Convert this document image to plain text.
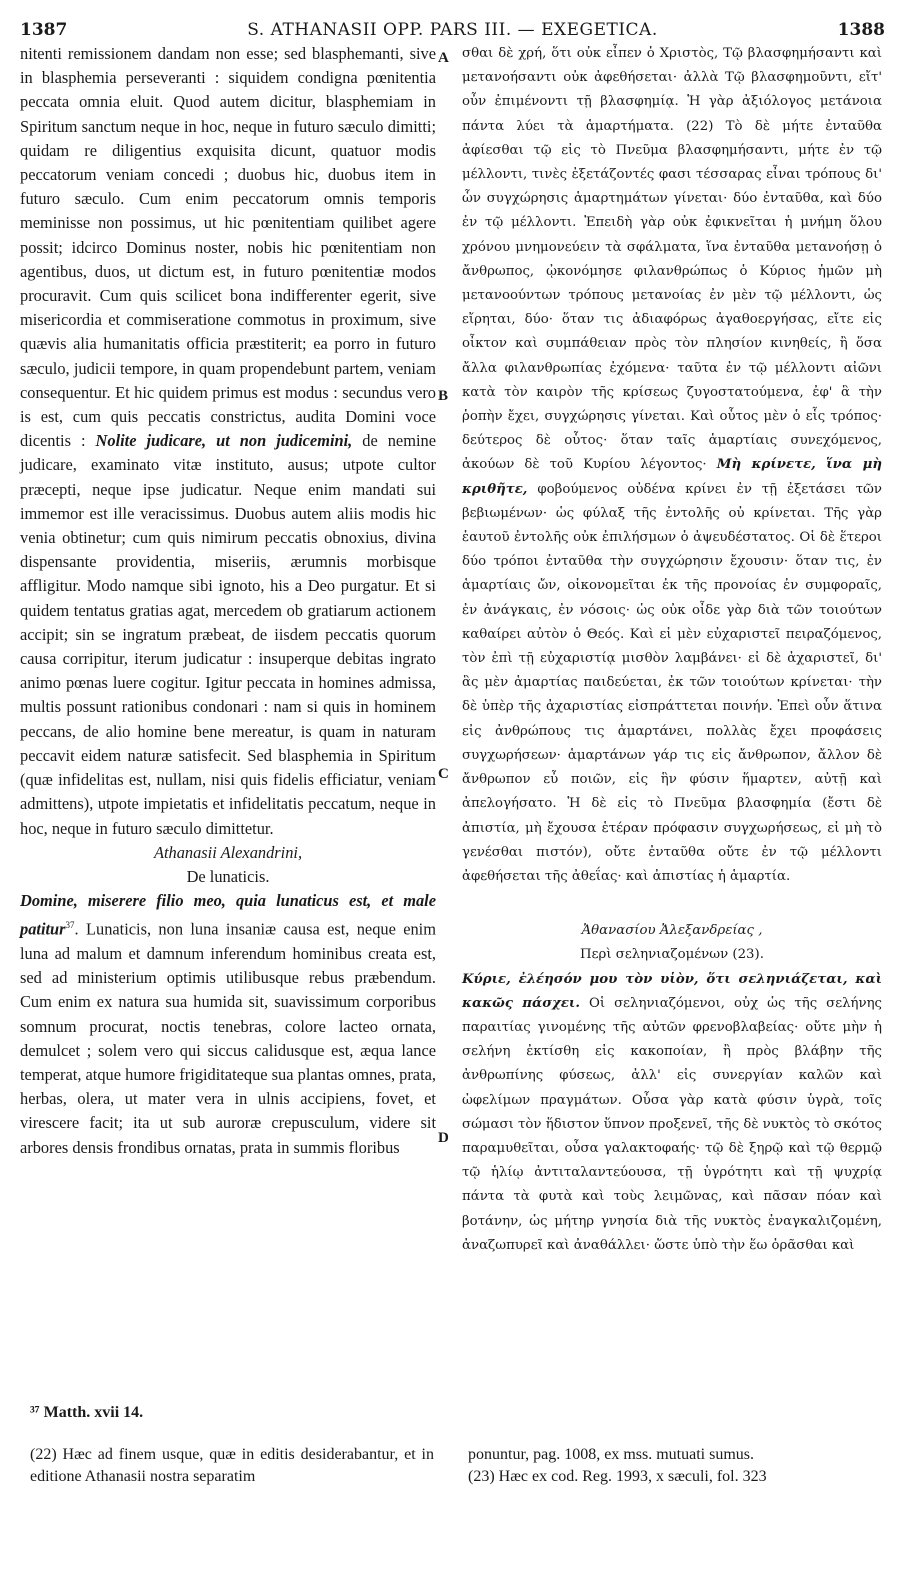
1387	S. ATHANASII OPP. PARS III. — EXEGETICA.	1388
A
B
C
D

nitenti remissionem dandam non esse; sed blasphemanti, sive in blasphemia perseveranti : siquidem condigna pœnitentia peccata omnia eluit. Quod autem dicitur, blasphemiam in Spiritum sanctum neque in hoc, neque in futuro sæculo dimitti; quidam re diligentius exquisita dicunt, quatuor modis peccatorum veniam concedi ; duobus hic, duobus item in futuro sæculo. Cum enim peccatorum omnis temporis meminisse non possimus, ut hic pœnitentiam quilibet agere possit; idcirco Dominus noster, nobis hic pœnitentiam non agentibus, duos, ut dictum est, in futuro pœnitentiæ modos procuravit. Cum quis scilicet bona indifferenter egerit, sive misericordia et commiseratione commotus in proximum, sive quævis alia humanitatis officia præstiterit; ea porro in futuro sæculo, judicii tempore, in quam propendebunt partem, veniam consequentur. Et hic quidem primus est modus : secundus vero is est, cum quis peccatis constrictus, audita Domini voce dicentis : Nolite judicare, ut non judicemini, de nemine judicare, examinato vitæ instituto, ausus; utpote cultor præcepti, neque ipse judicatur. Neque enim mandati sui immemor est ille veracissimus. Duobus autem aliis modis hic venia obtinetur; cum quis nimirum peccatis obnoxius, divina dispensante providentia, miseriis, ærumnis morbisque affligitur. Modo namque sibi ignoto, his a Deo purgatur. Et si quidem tentatus gratias agat, mercedem ob gratiarum actionem accipit; sin se ingratum præbeat, de iisdem peccatis quorum causa corripitur, iterum judicatur : insuperque debitas ingrato animo pœnas luere cogitur. Igitur peccata in homines admissa, multis possunt rationibus condonari : nam si quis in hominem peccans, de alio homine bene mereatur, is quam in naturam peccavit eidem naturæ satisfecit. Sed blasphemia in Spiritum (quæ infidelitas est, nullam, nisi quis fidelis efficiatur, veniam admittens), utpote impietatis et infidelitatis peccatum, neque in hoc, neque in futuro sæculo dimittetur.

Athanasii Alexandrini,

De lunaticis.

Domine, miserere filio meo, quia lunaticus est, et male patitur$^{37}$. Lunaticis, non luna insaniæ causa est, neque enim luna ad malum et damnum inferendum hominibus creata est, sed ad ministerium optimis utilibusque rebus præbendum. Cum enim ex natura sua humida sit, suavissimum corporibus somnum procurat, noctis tenebras, colore lacteo ornata, demulcet ; solem vero qui siccus calidusque est, æqua lance temperat, atque humore frigiditateque sua plantas omnes, prata, herbas, olera, ut mater vera in ulnis accipiens, fovet, et virescere facit; ita ut sub auroræ crepusculum, videre sit arbores densis frondibus ornatas, prata in summis floribus

σθαι δὲ χρή, ὅτι οὐκ εἶπεν ὁ Χριστὸς, Τῷ βλασφημήσαντι καὶ μετανοήσαντι οὐκ ἀφεθήσεται· ἀλλὰ Τῷ βλασφημοῦντι, εἴτ' οὖν ἐπιμένοντι τῇ βλασφημίᾳ. Ἡ γὰρ ἀξιόλογος μετάνοια πάντα λύει τὰ ἁμαρτήματα. (22) Τὸ δὲ μήτε ἐνταῦθα ἀφίεσθαι τῷ εἰς τὸ Πνεῦμα βλασφημήσαντι, μήτε ἐν τῷ μέλλοντι, τινὲς ἐξετάζοντές φασι τέσσαρας εἶναι τρόπους δι' ὧν συγχώρησις ἁμαρτημάτων γίνεται· δύο ἐνταῦθα, καὶ δύο ἐν τῷ μέλλοντι. Ἐπειδὴ γὰρ οὐκ ἐφικνεῖται ἡ μνήμη ὅλου χρόνου μνημονεύειν τὰ σφάλματα, ἵνα ἐνταῦθα μετανοήσῃ ὁ ἄνθρωπος, ᾠκονόμησε φιλανθρώπως ὁ Κύριος ἡμῶν μὴ μετανοούντων τρόπους μετανοίας ἐν μὲν τῷ μέλλοντι, ὡς εἴρηται, δύο· ὅταν τις ἀδιαφόρως ἀγαθοεργήσας, εἴτε εἰς οἶκτον καὶ συμπάθειαν πρὸς τὸν πλησίον κινηθείς, ἢ ὅσα ἄλλα φιλανθρωπίας ἐχόμενα· ταῦτα ἐν τῷ μέλλοντι αἰῶνι κατὰ τὸν καιρὸν τῆς κρίσεως ζυγοστατούμενα, ἐφ' ἃ τὴν ῥοπὴν ἔχει, συγχώρησις γίνεται. Καὶ οὗτος μὲν ὁ εἷς τρόπος· δεύτερος δὲ οὗτος· ὅταν ταῖς ἁμαρτίαις συνεχόμενος, ἀκούων δὲ τοῦ Κυρίου λέγοντος· Μὴ κρίνετε, ἵνα μὴ κριθῆτε, φοβούμενος οὐδένα κρίνει ἐν τῇ ἐξετάσει τῶν βεβιωμένων· ὡς φύλαξ τῆς ἐντολῆς οὐ κρίνεται. Τῆς γὰρ ἑαυτοῦ ἐντολῆς οὐκ ἐπιλήσμων ὁ ἀψευδέστατος. Οἱ δὲ ἕτεροι δύο τρόποι ἐνταῦθα τὴν συγχώρησιν ἔχουσιν· ὅταν τις, ἐν ἁμαρτίαις ὤν, οἰκονομεῖται ἐκ τῆς προνοίας ἐν συμφοραῖς, ἐν ἀνάγκαις, ἐν νόσοις· ὡς οὐκ οἶδε γὰρ διὰ τῶν τοιούτων καθαίρει αὐτὸν ὁ Θεός. Καὶ εἰ μὲν εὐχαριστεῖ πειραζόμενος, τὸν ἐπὶ τῇ εὐχαριστίᾳ μισθὸν λαμβάνει· εἰ δὲ ἀχαριστεῖ, δι' ἃς μὲν ἁμαρτίας παιδεύεται, ἐκ τῶν τοιούτων κρίνεται· τὴν δὲ ὑπὲρ τῆς ἀχαριστίας εἰσπράττεται ποινήν. Ἐπεὶ οὖν ἅτινα εἰς ἀνθρώπους τις ἁμαρτάνει, πολλὰς ἔχει προφάσεις συγχωρήσεων· ἁμαρτάνων γάρ τις εἰς ἄνθρωπον, ἄλλον δὲ ἄνθρωπον εὖ ποιῶν, εἰς ἣν φύσιν ἥμαρτεν, αὐτῇ καὶ ἀπελογήσατο. Ἡ δὲ εἰς τὸ Πνεῦμα βλασφημία (ἔστι δὲ ἀπιστία, μὴ ἔχουσα ἑτέραν πρόφασιν συγχωρήσεως, εἰ μὴ τὸ γενέσθαι πιστόν), οὔτε ἐνταῦθα οὔτε ἐν τῷ μέλλοντι ἀφεθήσεται τῆς ἀθεΐας· καὶ ἀπιστίας ἡ ἁμαρτία.

Ἀθανασίου Ἀλεξανδρείας ,

Περὶ σεληνιαζομένων (23).

Κύριε, ἐλέησόν μου τὸν υἱὸν, ὅτι σεληνιάζεται, καὶ κακῶς πάσχει. Οἱ σεληνιαζόμενοι, οὐχ ὡς τῆς σελήνης παραιτίας γινομένης τῆς αὐτῶν φρενοβλαβείας· οὔτε μὴν ἡ σελήνη ἐκτίσθη εἰς κακοποίαν, ἢ πρὸς βλάβην τῆς ἀνθρωπίνης φύσεως, ἀλλ' εἰς συνεργίαν καλῶν καὶ ὠφελίμων πραγμάτων. Οὖσα γὰρ κατὰ φύσιν ὑγρὰ, τοῖς σώμασι τὸν ἥδιστον ὕπνον προξενεῖ, τῆς δὲ νυκτὸς τὸ σκότος παραμυθεῖται, οὖσα γαλακτοφαής· τῷ δὲ ξηρῷ καὶ τῷ θερμῷ τῷ ἡλίῳ ἀντιταλαντεύουσα, τῇ ὑγρότητι καὶ τῇ ψυχρίᾳ πάντα τὰ φυτὰ καὶ τοὺς λειμῶνας, καὶ πᾶσαν πόαν καὶ βοτάνην, ὡς μήτηρ γνησία διὰ τῆς νυκτὸς ἐναγκαλιζομένη, ἀναζωπυρεῖ καὶ ἀναθάλλει· ὥστε ὑπὸ τὴν ἕω ὁρᾶσθαι καὶ

³⁷ Matth. xvii 14.

(22) Hæc ad finem usque, quæ in editis desiderabantur, et in editione Athanasii nostra separatim

ponuntur, pag. 1008, ex mss. mutuati sumus.

(23) Hæc ex cod. Reg. 1993, x sæculi, fol. 323
